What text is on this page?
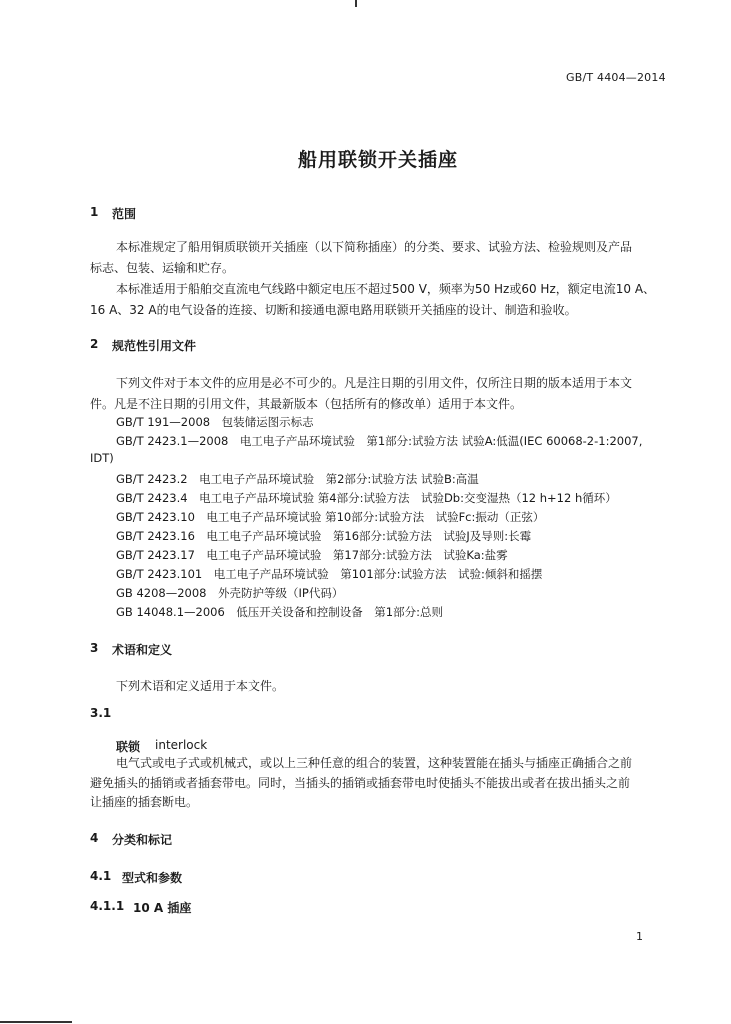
GB/T 4404—2014
船用联锁开关插座
1 范围
本标准规定了船用铜质联锁开关插座（以下简称插座）的分类、要求、试验方法、检验规则及产品
标志、包装、运输和贮存。
本标准适用于船舶交直流电气线路中额定电压不超过500 V，频率为50 Hz或60 Hz，额定电流10 A、
16 A、32 A的电气设备的连接、切断和接通电源电路用联锁开关插座的设计、制造和验收。
2 规范性引用文件
下列文件对于本文件的应用是必不可少的。凡是注日期的引用文件，仅所注日期的版本适用于本文
件。凡是不注日期的引用文件，其最新版本（包括所有的修改单）适用于本文件。
GB/T 191—2008　包装储运图示标志
GB/T 2423.1—2008　电工电子产品环境试验　第1部分:试验方法 试验A:低温(IEC 60068-2-1:2007,
IDT)
GB/T 2423.2　电工电子产品环境试验　第2部分:试验方法 试验B:高温
GB/T 2423.4　电工电子产品环境试验 第4部分:试验方法　试验Db:交变湿热（12 h+12 h循环）
GB/T 2423.10　电工电子产品环境试验 第10部分:试验方法　试验Fc:振动（正弦）
GB/T 2423.16　电工电子产品环境试验　第16部分:试验方法　试验J及导则:长霉
GB/T 2423.17　电工电子产品环境试验　第17部分:试验方法　试验Ka:盐雾
GB/T 2423.101　电工电子产品环境试验　第101部分:试验方法　试验:倾斜和摇摆
GB 4208—2008　外壳防护等级（IP代码）
GB 14048.1—2006　低压开关设备和控制设备　第1部分:总则
3 术语和定义
下列术语和定义适用于本文件。
3.1
联锁 interlock
电气式或电子式或机械式，或以上三种任意的组合的装置，这种装置能在插头与插座正确插合之前
避免插头的插销或者插套带电。同时，当插头的插销或插套带电时使插头不能拔出或者在拔出插头之前
让插座的插套断电。
4 分类和标记
4.1 型式和参数
4.1.1 10 A 插座
1
